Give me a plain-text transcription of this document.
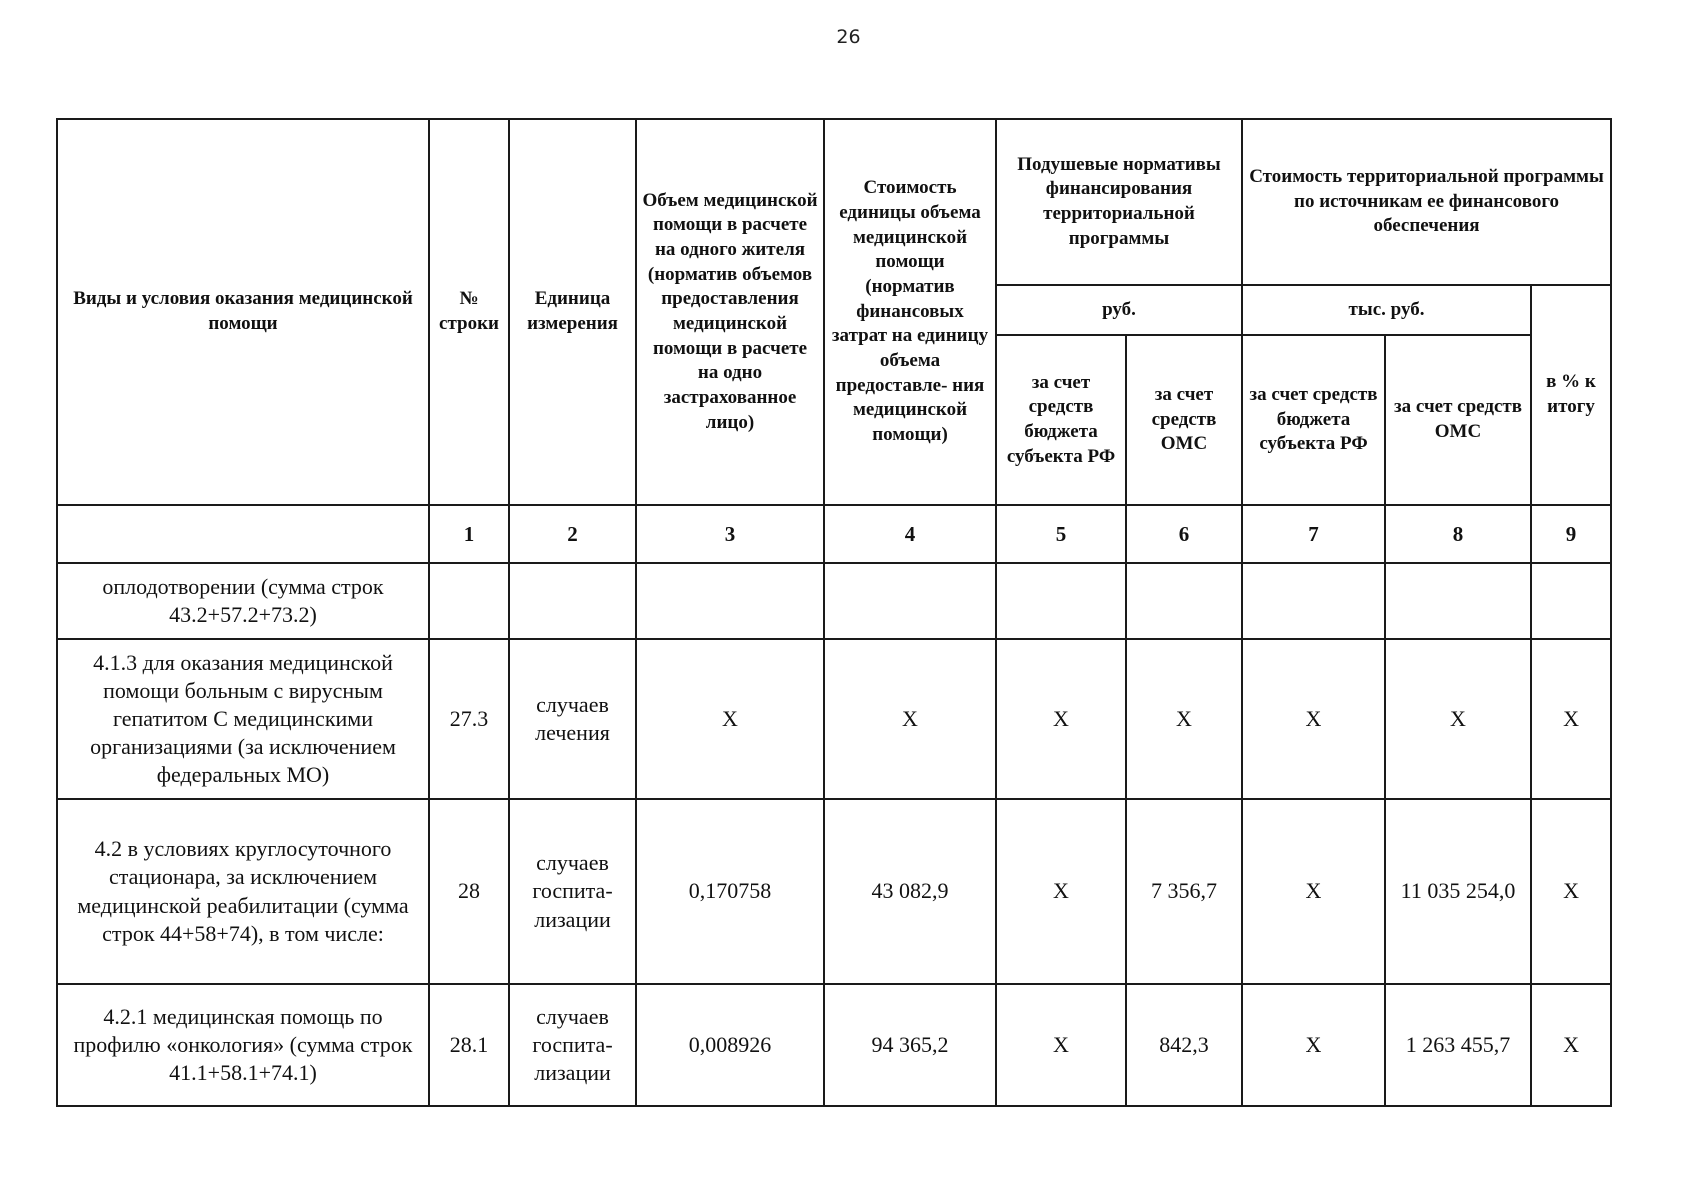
26
Виды и условия оказания медицинской помощи	№ строки	Единица измерения	Объем медицинской помощи в расчете на одного жителя (норматив объемов предоставления медицинской помощи в расчете на одно застрахованное лицо)	Стоимость единицы объема медицинской помощи (норматив финансовых затрат на единицу объема предоставле- ния медицинской помощи)	Подушевые нормативы финансирования территориальной программы		Стоимость территориальной программы по источникам ее финансового обеспечения		
					руб.		тыс. руб.		в % к итогу
					за счет средств бюджета субъекта РФ	за счет средств ОМС	за счет средств бюджета субъекта РФ	за счет средств ОМС	
	1	2	3	4	5	6	7	8	9
оплодотворении (сумма строк 43.2+57.2+73.2)									
4.1.3 для оказания медицинской помощи больным с вирусным гепатитом С медицинскими организациями (за исключением федеральных МО)	27.3	случаев лечения	Х	Х	Х	Х	Х	Х	Х
4.2 в условиях круглосуточного стационара, за исключением медицинской реабилитации (сумма строк 44+58+74), в том числе:	28	случаев госпита- лизации	0,170758	43 082,9	Х	7 356,7	Х	11 035 254,0	Х
4.2.1 медицинская помощь по профилю «онкология» (сумма строк 41.1+58.1+74.1)	28.1	случаев госпита- лизации	0,008926	94 365,2	Х	842,3	Х	1 263 455,7	Х
